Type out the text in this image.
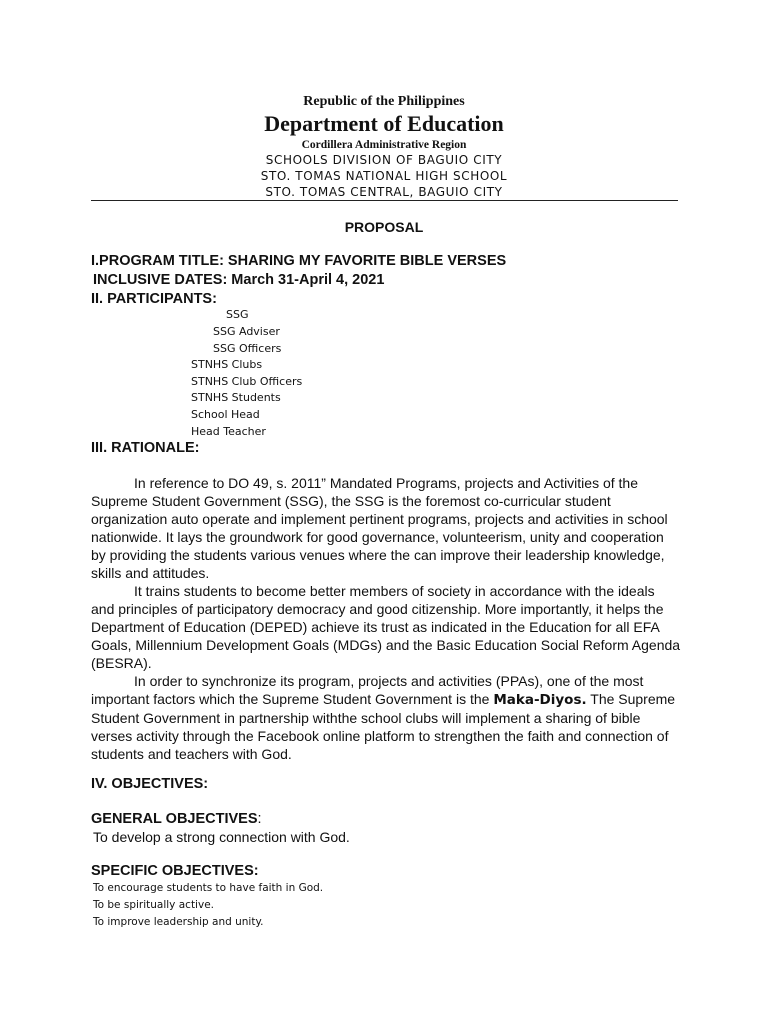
Republic of the Philippines
Department of Education
Cordillera Administrative Region
SCHOOLS DIVISION OF BAGUIO CITY
STO. TOMAS NATIONAL HIGH SCHOOL
STO. TOMAS CENTRAL, BAGUIO CITY
PROPOSAL
I.PROGRAM TITLE: SHARING MY FAVORITE BIBLE VERSES
INCLUSIVE DATES: March 31-April 4, 2021
II. PARTICIPANTS:
SSG
SSG Adviser
SSG Officers
STNHS Clubs
STNHS Club Officers
STNHS Students
School Head
Head Teacher
III. RATIONALE:
In reference to DO 49, s. 2011” Mandated Programs, projects and Activities of the Supreme Student Government (SSG), the SSG is the foremost co-curricular student organization auto operate and implement pertinent programs, projects and activities in school nationwide. It lays the groundwork for good governance, volunteerism, unity and cooperation by providing the students various venues where the can improve their leadership knowledge, skills and attitudes.
It trains students to become better members of society in accordance with the ideals and principles of participatory democracy and good citizenship. More importantly, it helps the Department of Education (DEPED) achieve its trust as indicated in the Education for all EFA Goals, Millennium Development Goals (MDGs) and the Basic Education Social Reform Agenda (BESRA).
In order to synchronize its program, projects and activities (PPAs), one of the most important factors which the Supreme Student Government is the Maka-Diyos. The Supreme Student Government in partnership withthe school clubs will implement a sharing of bible verses activity through the Facebook online platform to strengthen the faith and connection of students and teachers with God.
IV. OBJECTIVES:
GENERAL OBJECTIVES:
To develop a strong connection with God.
SPECIFIC OBJECTIVES:
To encourage students to have faith in God.
To be spiritually active.
To improve leadership and unity.
